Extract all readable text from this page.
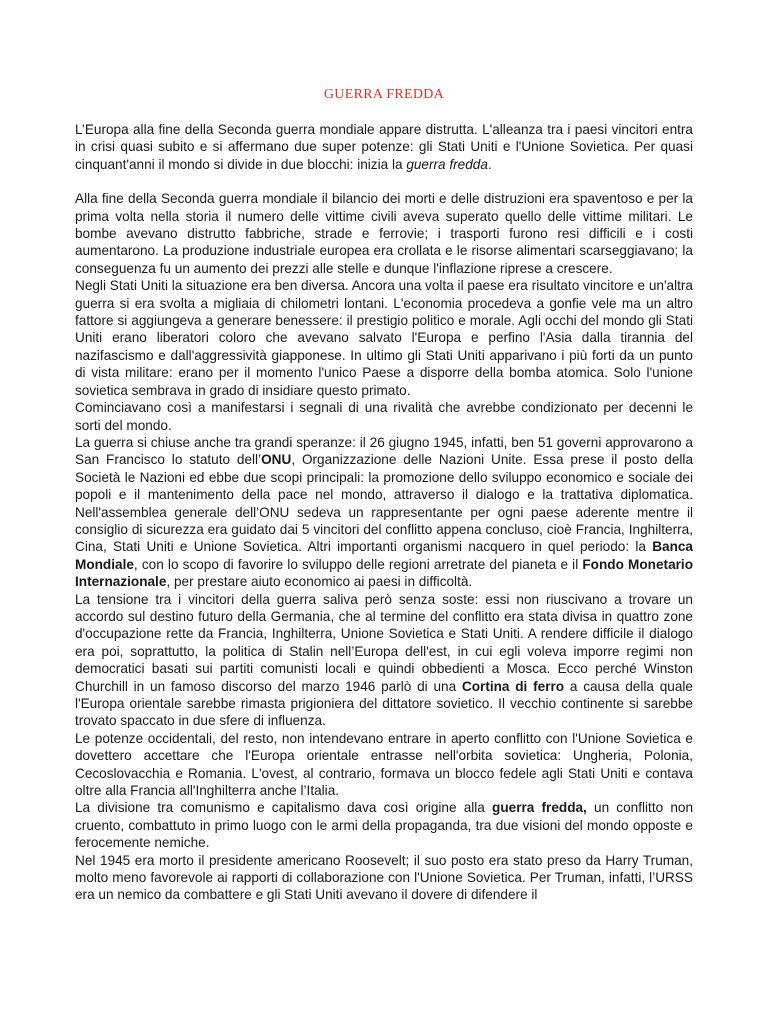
GUERRA FREDDA

L’Europa alla fine della Seconda guerra mondiale appare distrutta. L'alleanza tra i paesi vincitori entra in crisi quasi subito e si affermano due super potenze: gli Stati Uniti e l'Unione Sovietica. Per quasi cinquant'anni il mondo si divide in due blocchi: inizia la guerra fredda.

Alla fine della Seconda guerra mondiale il bilancio dei morti e delle distruzioni era spaventoso e per la prima volta nella storia il numero delle vittime civili aveva superato quello delle vittime militari. Le bombe avevano distrutto fabbriche, strade e ferrovie; i trasporti furono resi difficili e i costi aumentarono. La produzione industriale europea era crollata e le risorse alimentari scarseggiavano; la conseguenza fu un aumento dei prezzi alle stelle e dunque l'inflazione riprese a crescere.

Negli Stati Uniti la situazione era ben diversa. Ancora una volta il paese era risultato vincitore e un'altra guerra si era svolta a migliaia di chilometri lontani. L'economia procedeva a gonfie vele ma un altro fattore si aggiungeva a generare benessere: il prestigio politico e morale. Agli occhi del mondo gli Stati Uniti erano liberatori coloro che avevano salvato l'Europa e perfino l'Asia dalla tirannia del nazifascismo e dall'aggressività giapponese. In ultimo gli Stati Uniti apparivano i più forti da un punto di vista militare: erano per il momento l'unico Paese a disporre della bomba atomica. Solo l'unione sovietica sembrava in grado di insidiare questo primato.

Cominciavano così a manifestarsi i segnali di una rivalità che avrebbe condizionato per decenni le sorti del mondo.

La guerra si chiuse anche tra grandi speranze: il 26 giugno 1945, infatti, ben 51 governi approvarono a San Francisco lo statuto dell’ONU, Organizzazione delle Nazioni Unite. Essa prese il posto della Società le Nazioni ed ebbe due scopi principali: la promozione dello sviluppo economico e sociale dei popoli e il mantenimento della pace nel mondo, attraverso il dialogo e la trattativa diplomatica. Nell'assemblea generale dell’ONU sedeva un rappresentante per ogni paese aderente mentre il consiglio di sicurezza era guidato dai 5 vincitori del conflitto appena concluso, cioè Francia, Inghilterra, Cina, Stati Uniti e Unione Sovietica. Altri importanti organismi nacquero in quel periodo: la Banca Mondiale, con lo scopo di favorire lo sviluppo delle regioni arretrate del pianeta e il Fondo Monetario Internazionale, per prestare aiuto economico ai paesi in difficoltà.

La tensione tra i vincitori della guerra saliva però senza soste: essi non riuscivano a trovare un accordo sul destino futuro della Germania, che al termine del conflitto era stata divisa in quattro zone d'occupazione rette da Francia, Inghilterra, Unione Sovietica e Stati Uniti. A rendere difficile il dialogo era poi, soprattutto, la politica di Stalin nell’Europa dell'est, in cui egli voleva imporre regimi non democratici basati sui partiti comunisti locali e quindi obbedienti a Mosca. Ecco perché Winston Churchill in un famoso discorso del marzo 1946 parlò di una Cortina di ferro a causa della quale l'Europa orientale sarebbe rimasta prigioniera del dittatore sovietico. Il vecchio continente si sarebbe trovato spaccato in due sfere di influenza.

Le potenze occidentali, del resto, non intendevano entrare in aperto conflitto con l'Unione Sovietica e dovettero accettare che l'Europa orientale entrasse nell'orbita sovietica: Ungheria, Polonia, Cecoslovacchia e Romania. L'ovest, al contrario, formava un blocco fedele agli Stati Uniti e contava oltre alla Francia all'Inghilterra anche l’Italia.

La divisione tra comunismo e capitalismo dava così origine alla guerra fredda, un conflitto non cruento, combattuto in primo luogo con le armi della propaganda, tra due visioni del mondo opposte e ferocemente nemiche.

Nel 1945 era morto il presidente americano Roosevelt; il suo posto era stato preso da Harry Truman, molto meno favorevole ai rapporti di collaborazione con l'Unione Sovietica. Per Truman, infatti, l’URSS era un nemico da combattere e gli Stati Uniti avevano il dovere di difendere il
